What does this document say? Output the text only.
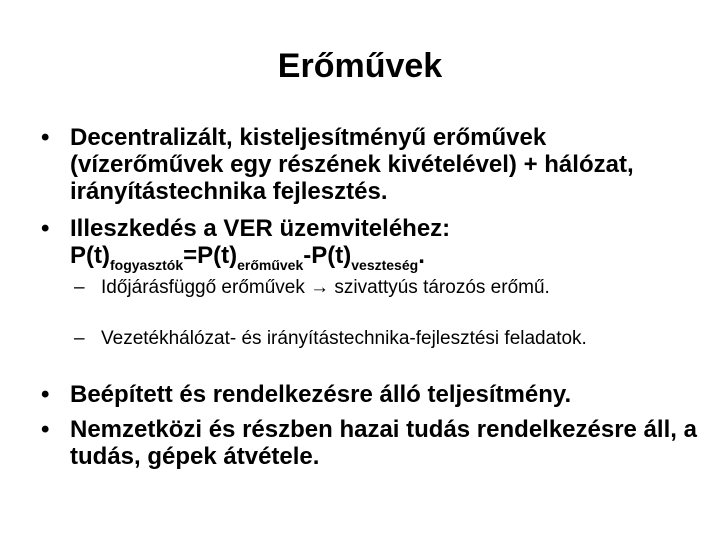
Erőművek
• Decentralizált, kisteljesítményű erőművek (vízerőművek egy részének kivételével) + hálózat, irányítástechnika fejlesztés.
• Illeszkedés a VER üzemviteléhez:
$P(t)_{fogyasztók}=P(t)_{erőművek}-P(t)_{veszteség}$.
– Időjárásfüggő erőművek → szivattyús tározós erőmű.
– Vezetékhálózat- és irányítástechnika-fejlesztési feladatok.
• Beépített és rendelkezésre álló teljesítmény.
• Nemzetközi és részben hazai tudás rendelkezésre áll, a tudás, gépek átvétele.
